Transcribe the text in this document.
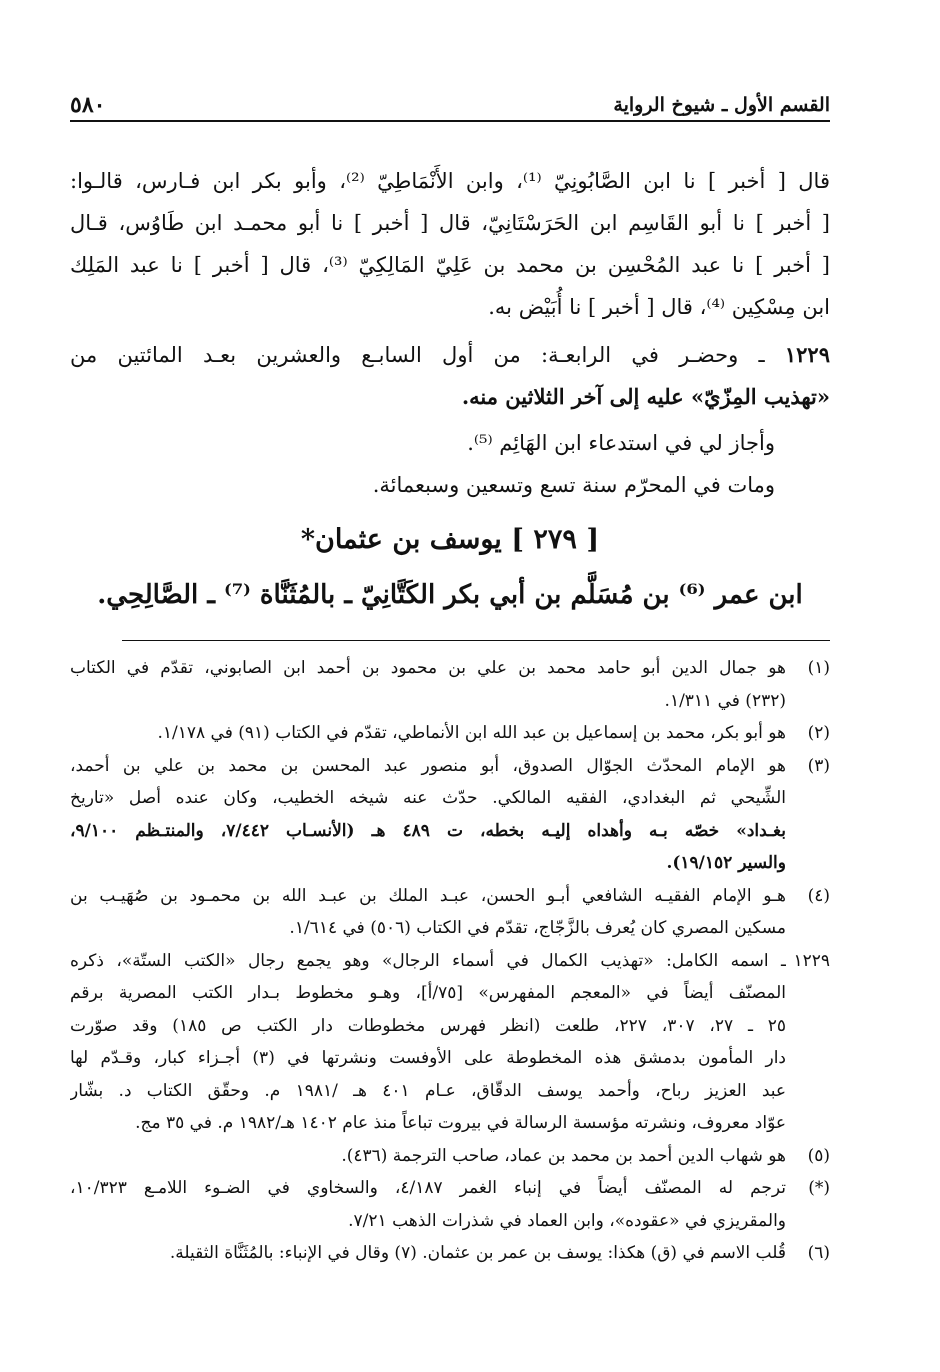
القسم الأول ـ شيوخ الرواية
٥٨٠
قال [ أخبر ] نا ابن الصَّابُونِيّ ⁽¹⁾، وابن الأَنْمَاطِيّ ⁽²⁾، وأبو بكر ابن فـارس، قالـوا:
[ أخبر ] نا أبو القَاسِم ابن الحَرَسْتَانِيّ، قال [ أخبر ] نا أبو محمـد ابن طَاوُس، قـال
[ أخبر ] نا عبد المُحْسِن بن محمد بن عَلِيّ المَالِكِيّ ⁽³⁾، قال [ أخبر ] نا عبد المَلِك
ابن مِسْكِين ⁽⁴⁾، قال [ أخبر ] نا أُبَيْض به.
١٢٢٩ ـ وحضـر في الرابعـة: من أول السابـع والعشرين بعـد المائتين من
«تهذيب المِزّيّ» عليه إلى آخر الثلاثين منه.
وأجاز لي في استدعاء ابن الهَائِم ⁽⁵⁾.
ومات في المحرّم سنة تسع وتسعين وسبعمائة.
[ ٢٧٩ ] يوسف بن عثمان*
ابن عمر ⁽⁶⁾ بن مُسَلَّم بن أبي بكر الكَتَّانِيّ ـ بالمُثَنَّاة ⁽⁷⁾ ـ الصَّالِحِي.
(١)
هو جمال الدين أبو حامد محمد بن علي بن محمود بن أحمد ابن الصابوني، تقدّم في الكتاب
(٢٣٢) في ١/٣١١.
(٢)
هو أبو بكر، محمد بن إسماعيل بن عبد الله ابن الأنماطي، تقدّم في الكتاب (٩١) في ١/١٧٨.
(٣)
هو الإمام المحدّث الجوّال الصدوق، أبو منصور عبد المحسن بن محمد بن علي بن أحمد،
الشِّيحي ثم البغدادي، الفقيه المالكي. حدّث عنه شيخه الخطيب، وكان عنده أصل «تاريخ
بغـداد» خصّه بـه وأهداه إليـه بخطه، ت ٤٨٩ هـ (الأنسـاب ٧/٤٤٢، والمنتـظم ٩/١٠٠،
والسير ١٩/١٥٢).
(٤)
هـو الإمام الفقيـه الشافعي أبـو الحسن، عبـد الملك بن عبـد الله بن محمـود بن صُهَيـب بن
مسكين المصري كان يُعرف بالزَّجّاج، تقدّم في الكتاب (٥٠٦) في ١/٦١٤.
١٢٢٩
ـ اسمه الكامل: «تهذيب الكمال في أسماء الرجال» وهو يجمع رجال «الكتب الستّة»، ذكره
المصنّف أيضاً في «المعجم المفهرس» [٧٥/أ]، وهـو مخطوط بـدار الكتب المصرية برقم
٢٥ ـ ٢٧، ٣٠٧، ٢٢٧، طلعت (انظر فهرس مخطوطات دار الكتب ص ١٨٥) وقد صوّرت
دار المأمون بدمشق هذه المخطوطة على الأوفست ونشرتها في (٣) أجـزاء كبار، وقـدّم لها
عبد العزيز رباح، وأحمد يوسف الدقّاق، عـام ٤٠١ هـ /١٩٨١ م. وحقّق الكتاب د. بشّار
عوّاد معروف، ونشرته مؤسسة الرسالة في بيروت تباعاً منذ عام ١٤٠٢ هـ/١٩٨٢ م. في ٣٥ مج.
(٥)
هو شهاب الدين أحمد بن محمد بن عماد، صاحب الترجمة (٤٣٦).
(*)
ترجم له المصنّف أيضاً في إنباء الغمر ٤/١٨٧، والسخاوي في الضـوء اللامـع ١٠/٣٢٣،
والمقريزي في «عقوده»، وابن العماد في شذرات الذهب ٧/٢١.
(٦)
قُلب الاسم في (ق) هكذا: يوسف بن عمر بن عثمان. (٧) وقال في الإنباء: بالمُثَنَّاة الثقيلة.
